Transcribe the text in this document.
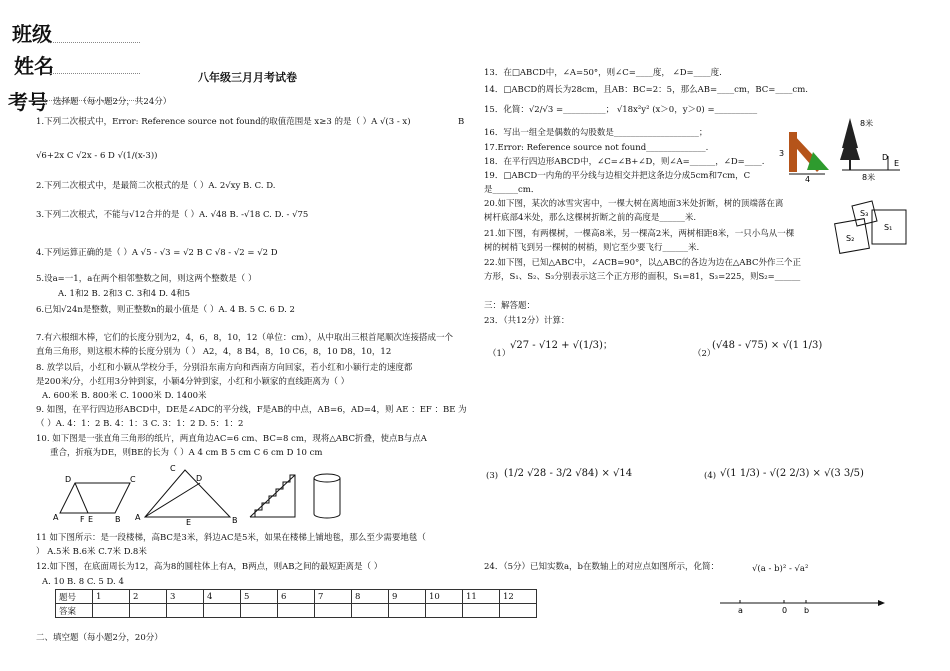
班级
姓名
考号
八年级三月月考试卷
一、选择题（每小题2分，共24分）
1.下列二次根式中，Error: Reference source not found的取值范围是 x≥3 的是（ ）A √(3 - x)	B
√6+2x C √2x - 6 D √(1/(x-3))
2.下列二次根式中，是最简二次根式的是（ ）A. 2√xy B. C. D.
3.下列二次根式，不能与√12合并的是（ ）A. √48 B. -√18 C. D. - √75
4.下列运算正确的是（ ）A √5 - √3 = √2 B C √8 - √2 = √2 D
5.设a=一1，a在两个相邻整数之间，则这两个整数是（ ）
A. 1和2 B. 2和3 C. 3和4 D. 4和5
6.已知√24n是整数，则正整数n的最小值是（ ）A. 4 B. 5 C. 6 D. 2
7.有六根细木棒，它们的长度分别为2，4，6，8，10，12（单位：cm），从中取出三根首尾顺次连接搭成一个
直角三角形，则这根木棒的长度分别为（ ） A2，4，8 B4，8，10 C6，8，10 D8，10，12
8. 放学以后，小红和小颖从学校分手，分别沿东南方向和西南方向回家，若小红和小颖行走的速度都
是200米/分，小红用3分钟到家，小颖4分钟到家，小红和小颖家的直线距离为（ ）
A. 600米 B. 800米 C. 1000米 D. 1400米
9. 如图，在平行四边形ABCD中，DE是∠ADC的平分线，F是AB的中点，AB=6，AD=4，则 AE ：EF ：BE 为
（ ）A. 4：1：2 B. 4：1：3 C. 3：1：2 D. 5：1：2
10. 如下图是一张直角三角形的纸片，两直角边AC=6 cm、BC=8 cm，现将△ABC折叠，使点B与点A
重合，折痕为DE，则BE的长为（ ）A 4 cm B 5 cm C 6 cm D 10 cm
D	C
A	F E	B
C
D
A
E	B
11 如下图所示：是一段楼梯，高BC是3米，斜边AC是5米，如果在楼梯上铺地毯，那么至少需要地毯（
） A.5米 B.6米 C.7米 D.8米
12.如下图，在底面周长为12，高为8的圆柱体上有A，B两点，则AB之间的最短距离是（ ）
A. 10 B. 8 C. 5 D. 4
题号	1	2	3	4	5	6	7	8	9	10	11	12
答案												
二、填空题（每小题2分，20分）
13．在□ABCD中，∠A=50°，则∠C=____度， ∠D=____度.
14．□ABCD的周长为28cm，且AB：BC=2：5，那么AB=____cm，BC=____cm.
15．化简：√2/√3 =__________； √18x²y² (x＞0，y＞0) =__________
16．写出一组全是偶数的勾股数是____________________；
17.Error: Reference source not found______________.
18．在平行四边形ABCD中，∠C=∠B+∠D，则∠A=______，∠D=____.
19．□ABCD一内角的平分线与边相交并把这条边分成5cm和7cm，C
是______cm．
20.如下图，某次的冰雪灾害中，一棵大树在离地面3米处折断，树的顶端落在离
树杆底部4米处，那么这棵树折断之前的高度是______米.
21.如下图，有两棵树，一棵高8米，另一棵高2米，两树相距8米，一只小鸟从一棵
树的树梢飞到另一棵树的树梢，则它至少要飞行______米.
22.如下图，已知△ABC中，∠ACB=90°，以△ABC的各边为边在△ABC外作三个正
方形，S₁、S₂、S₃分别表示这三个正方形的面积，S₁=81，S₃=225，则S₂=______
3
4
D
E
8米
8米
S₃
S₂
S₁
三：解答题：
23．（共12分）计算：
（1）
√27 - √12 + √(1/3)；
（2）
(√48 - √75) × √(1 1/3)
(3) (1/2 √28 - 3/2 √84) × √14	(4) √(1 1/3) - √(2 2/3) × √(3 3/5)
24．（5分）已知实数a，b在数轴上的对应点如图所示，化简：	√(a - b)² - √a²
a	0 b
